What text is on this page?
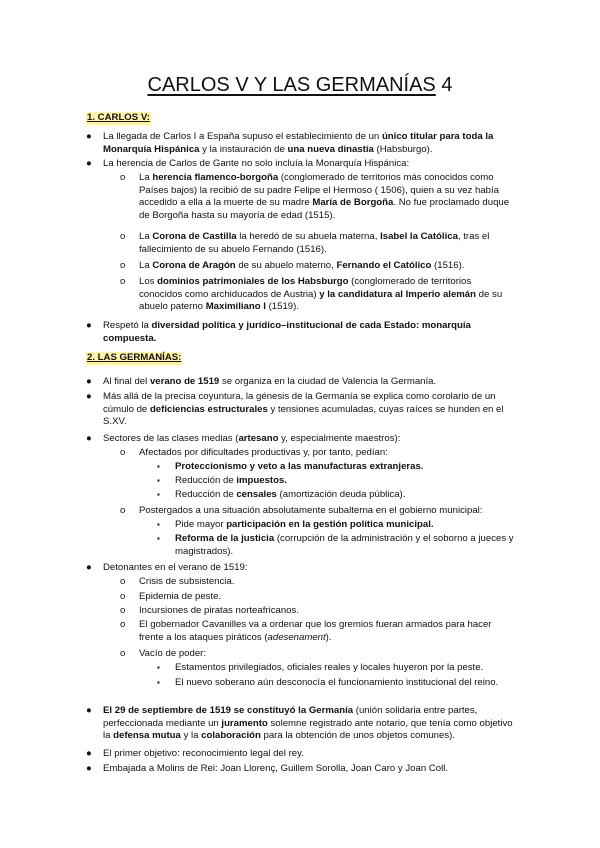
CARLOS V Y LAS GERMANÍAS 4
1. CARLOS V:
● La llegada de Carlos I a España supuso el establecimiento de un único titular para toda la Monarquía Hispánica y la instauración de una nueva dinastía (Habsburgo).
● La herencia de Carlos de Gante no solo incluía la Monarquía Hispánica:
o La herencia flamenco-borgoña (conglomerado de territorios más conocidos como Países bajos) la recibió de su padre Felipe el Hermoso ( 1506), quien a su vez había accedido a ella a la muerte de su madre María de Borgoña. No fue proclamado duque de Borgoña hasta su mayoría de edad (1515).
o La Corona de Castilla la heredó de su abuela materna, Isabel la Católica, tras el fallecimiento de su abuelo Fernando (1516).
o La Corona de Aragón de su abuelo materno, Fernando el Católico (1516).
o Los dominios patrimoniales de los Habsburgo (conglomerado de territorios conocidos como archiducados de Austria) y la candidatura al Imperio alemán de su abuelo paterno Maximiliano I (1519).
● Respetó la diversidad política y jurídico–institucional de cada Estado: monarquía compuesta.
2. LAS GERMANÍAS:
● Al final del verano de 1519 se organiza en la ciudad de Valencia la Germanía.
● Más allá de la precisa coyuntura, la génesis de la Germanía se explica como corolario de un cúmulo de deficiencias estructurales y tensiones acumuladas, cuyas raíces se hunden en el S.XV.
● Sectores de las clases medias (artesano y, especialmente maestros):
o Afectados por dificultades productivas y, por tanto, pedían:
▪ Proteccionismo y veto a las manufacturas extranjeras.
▪ Reducción de impuestos.
▪ Reducción de censales (amortización deuda pública).
o Postergados a una situación absolutamente subalterna en el gobierno municipal:
▪ Pide mayor participación en la gestión política municipal.
▪ Reforma de la justicia (corrupción de la administración y el soborno a jueces y magistrados).
● Detonantes en el verano de 1519:
o Crisis de subsistencia.
o Epidemia de peste.
o Incursiones de piratas norteafricanos.
o El gobernador Cavanilles va a ordenar que los gremios fueran armados para hacer frente a los ataques piráticos (adesenament).
o Vacío de poder:
▪ Estamentos privilegiados, oficiales reales y locales huyeron por la peste.
▪ El nuevo soberano aún desconocía el funcionamiento institucional del reino.
● El 29 de septiembre de 1519 se constituyó la Germanía (unión solidaria entre partes, perfeccionada mediante un juramento solemne registrado ante notario, que tenía como objetivo la defensa mutua y la colaboración para la obtención de unos objetos comunes).
● El primer objetivo: reconocimiento legal del rey.
● Embajada a Molins de Rei: Joan Llorenç, Guillem Sorolla, Joan Caro y Joan Coll.
